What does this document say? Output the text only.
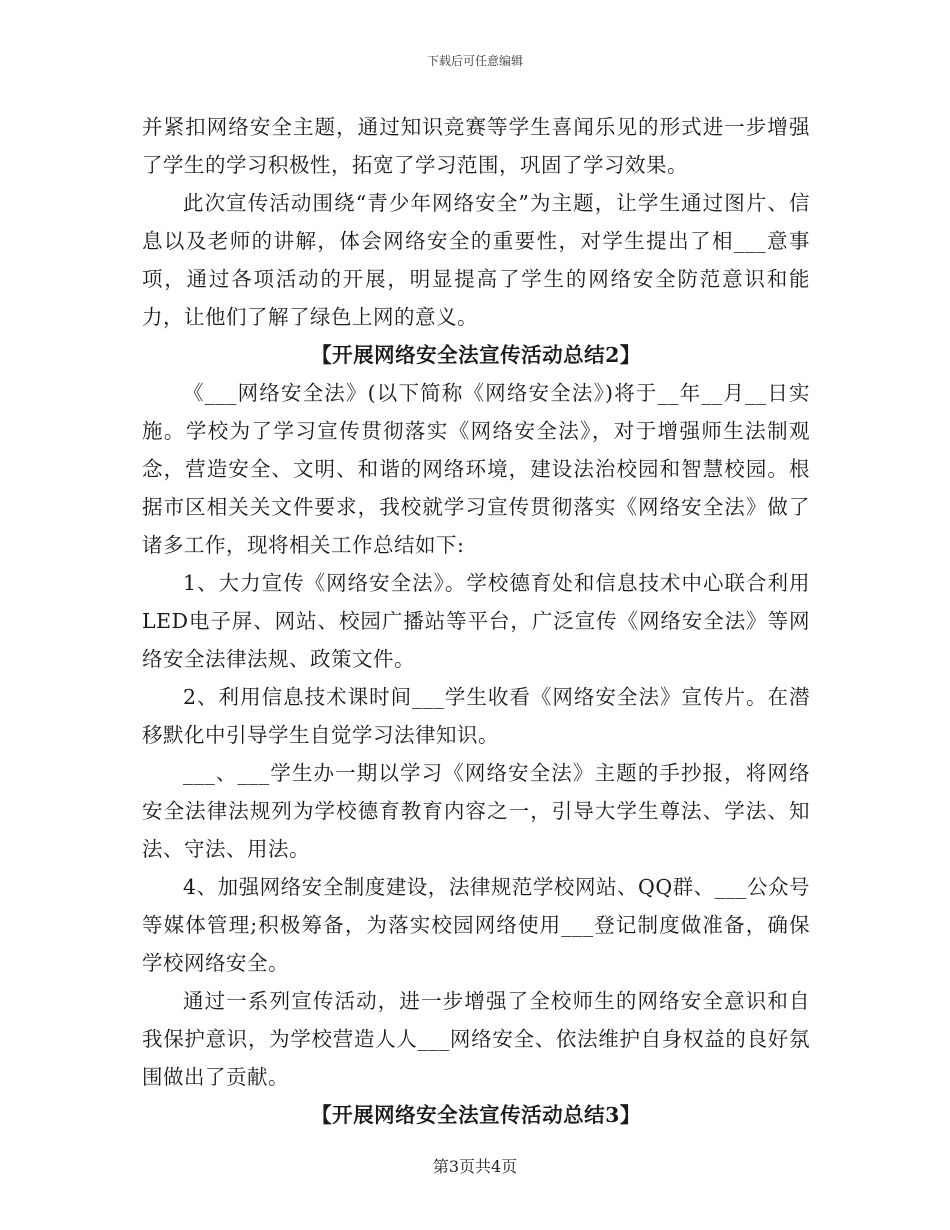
下载后可任意编辑

并紧扣网络安全主题，通过知识竞赛等学生喜闻乐见的形式进一步增强了学生的学习积极性，拓宽了学习范围，巩固了学习效果。

此次宣传活动围绕“青少年网络安全”为主题，让学生通过图片、信息以及老师的讲解，体会网络安全的重要性，对学生提出了相___意事项，通过各项活动的开展，明显提高了学生的网络安全防范意识和能力，让他们了解了绿色上网的意义。

【开展网络安全法宣传活动总结2】

《___网络安全法》(以下简称《网络安全法》)将于__年__月__日实施。学校为了学习宣传贯彻落实《网络安全法》，对于增强师生法制观念，营造安全、文明、和谐的网络环境，建设法治校园和智慧校园。根据市区相关关文件要求，我校就学习宣传贯彻落实《网络安全法》做了诸多工作，现将相关工作总结如下:

1、大力宣传《网络安全法》。学校德育处和信息技术中心联合利用LED电子屏、网站、校园广播站等平台，广泛宣传《网络安全法》等网络安全法律法规、政策文件。

2、利用信息技术课时间___学生收看《网络安全法》宣传片。在潜移默化中引导学生自觉学习法律知识。

___、___学生办一期以学习《网络安全法》主题的手抄报，将网络安全法律法规列为学校德育教育内容之一，引导大学生尊法、学法、知法、守法、用法。

4、加强网络安全制度建设，法律规范学校网站、QQ群、___公众号等媒体管理;积极筹备，为落实校园网络使用___登记制度做准备，确保学校网络安全。

通过一系列宣传活动，进一步增强了全校师生的网络安全意识和自我保护意识，为学校营造人人___网络安全、依法维护自身权益的良好氛围做出了贡献。

【开展网络安全法宣传活动总结3】

第3页共4页
